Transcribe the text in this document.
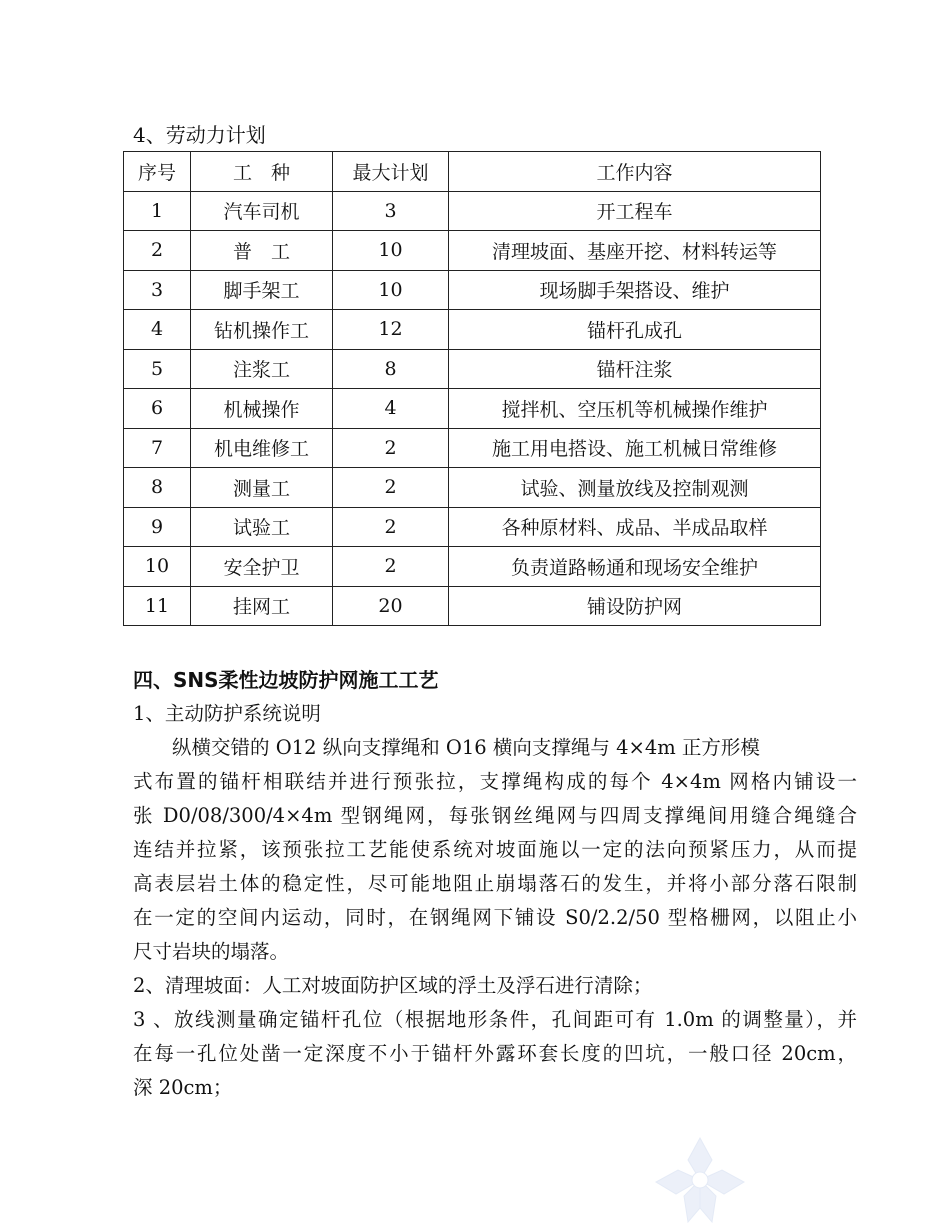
4、劳动力计划
序号	工　种	最大计划	工作内容
1	汽车司机	3	开工程车
2	普　工	10	清理坡面、基座开挖、材料转运等
3	脚手架工	10	现场脚手架搭设、维护
4	钻机操作工	12	锚杆孔成孔
5	注浆工	8	锚杆注浆
6	机械操作	4	搅拌机、空压机等机械操作维护
7	机电维修工	2	施工用电搭设、施工机械日常维修
8	测量工	2	试验、测量放线及控制观测
9	试验工	2	各种原材料、成品、半成品取样
10	安全护卫	2	负责道路畅通和现场安全维护
11	挂网工	20	铺设防护网
四、SNS柔性边坡防护网施工工艺
1、主动防护系统说明
纵横交错的 O12 纵向支撑绳和 O16 横向支撑绳与 4×4m 正方形模
式布置的锚杆相联结并进行预张拉，支撑绳构成的每个 4×4m 网格内铺设一
张 D0/08/300/4×4m 型钢绳网，每张钢丝绳网与四周支撑绳间用缝合绳缝合
连结并拉紧，该预张拉工艺能使系统对坡面施以一定的法向预紧压力，从而提
高表层岩土体的稳定性，尽可能地阻止崩塌落石的发生，并将小部分落石限制
在一定的空间内运动，同时，在钢绳网下铺设 S0/2.2/50 型格栅网，以阻止小
尺寸岩块的塌落。
2、清理坡面：人工对坡面防护区域的浮土及浮石进行清除；
3 、放线测量确定锚杆孔位（根据地形条件，孔间距可有 1.0m 的调整量），并
在每一孔位处凿一定深度不小于锚杆外露环套长度的凹坑，一般口径 20cm，
深 20cm；
